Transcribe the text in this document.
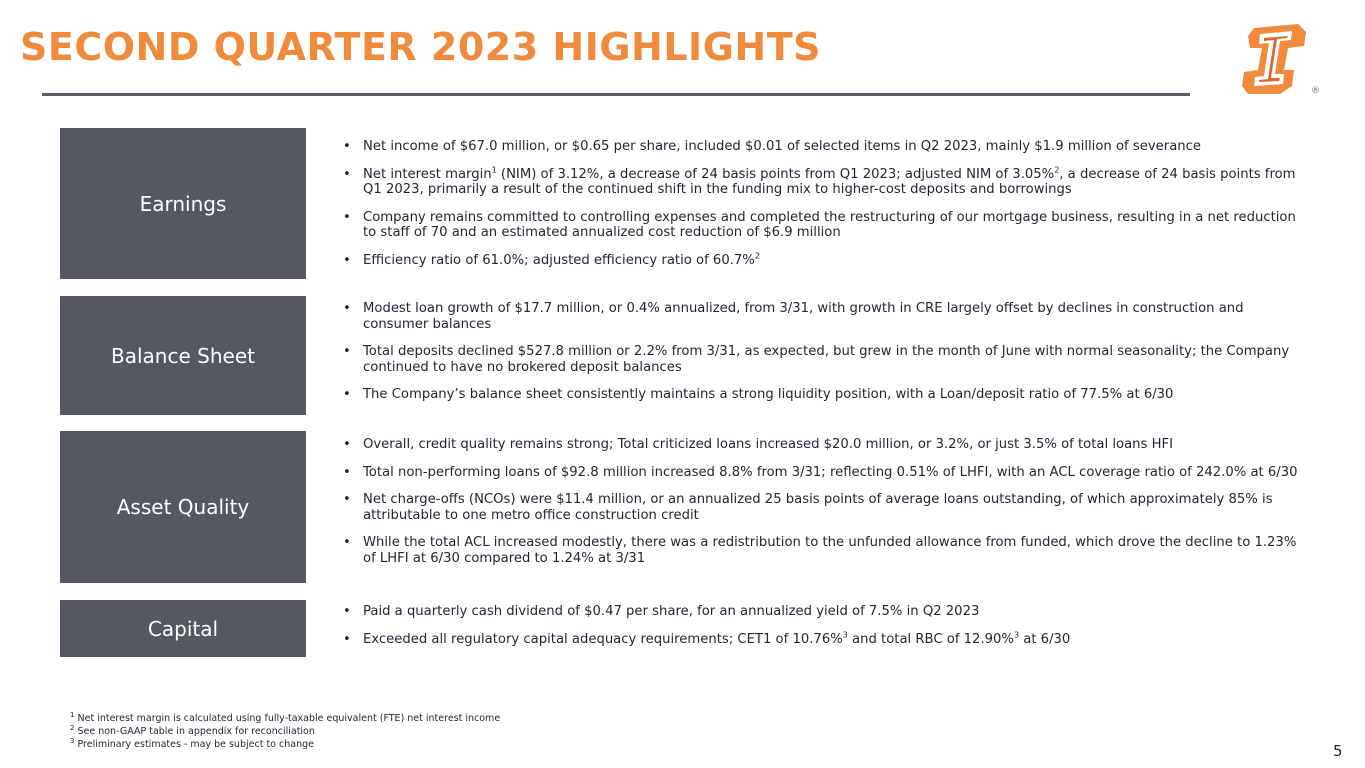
SECOND QUARTER 2023 HIGHLIGHTS
®
Earnings
• Net income of $67.0 million, or $0.65 per share, included $0.01 of selected items in Q2 2023, mainly $1.9 million of severance
• Net interest margin$^1$ (NIM) of 3.12%, a decrease of 24 basis points from Q1 2023; adjusted NIM of 3.05%$^2$, a decrease of 24 basis points from Q1 2023, primarily a result of the continued shift in the funding mix to higher-cost deposits and borrowings
• Company remains committed to controlling expenses and completed the restructuring of our mortgage business, resulting in a net reduction to staff of 70 and an estimated annualized cost reduction of $6.9 million
• Efficiency ratio of 61.0%; adjusted efficiency ratio of 60.7%$^2$
Balance Sheet
• Modest loan growth of $17.7 million, or 0.4% annualized, from 3/31, with growth in CRE largely offset by declines in construction and consumer balances
• Total deposits declined $527.8 million or 2.2% from 3/31, as expected, but grew in the month of June with normal seasonality; the Company continued to have no brokered deposit balances
• The Company’s balance sheet consistently maintains a strong liquidity position, with a Loan/deposit ratio of 77.5% at 6/30
Asset Quality
• Overall, credit quality remains strong; Total criticized loans increased $20.0 million, or 3.2%, or just 3.5% of total loans HFI
• Total non-performing loans of $92.8 million increased 8.8% from 3/31; reflecting 0.51% of LHFI, with an ACL coverage ratio of 242.0% at 6/30
• Net charge-offs (NCOs) were $11.4 million, or an annualized 25 basis points of average loans outstanding, of which approximately 85% is attributable to one metro office construction credit
• While the total ACL increased modestly, there was a redistribution to the unfunded allowance from funded, which drove the decline to 1.23% of LHFI at 6/30 compared to 1.24% at 3/31
Capital
• Paid a quarterly cash dividend of $0.47 per share, for an annualized yield of 7.5% in Q2 2023
• Exceeded all regulatory capital adequacy requirements; CET1 of 10.76%$^3$ and total RBC of 12.90%$^3$ at 6/30
$^1$ Net interest margin is calculated using fully-taxable equivalent (FTE) net interest income
$^2$ See non-GAAP table in appendix for reconciliation
$^3$ Preliminary estimates - may be subject to change	5
